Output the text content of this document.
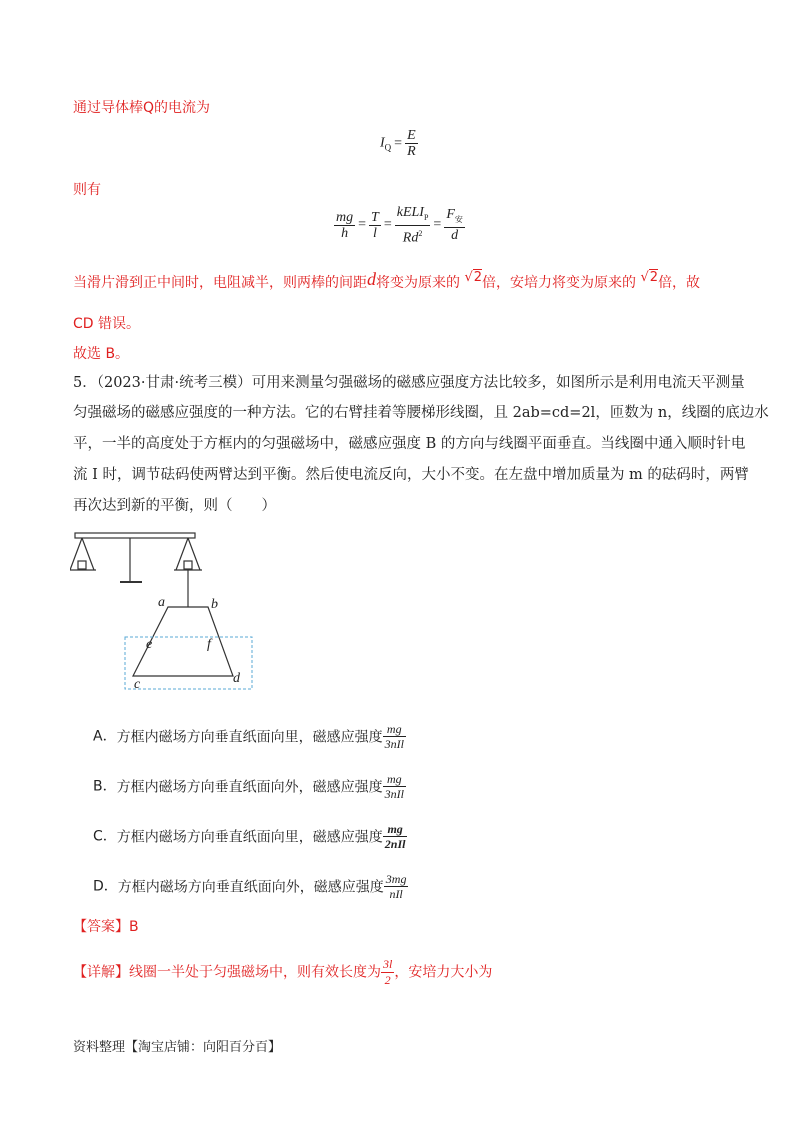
通过导体棒Q的电流为
$I_Q = \frac{E}{R}$
则有
$\frac{mg}{h} = \frac{T}{l} = \frac{kELI_P}{Rd^2} = \frac{F_安}{d}$
当滑片滑到正中间时，电阻减半，则两棒的间距d将变为原来的 √2倍，安培力将变为原来的 √2倍，故
CD 错误。
故选 B。
5．（2023·甘肃·统考三模）可用来测量匀强磁场的磁感应强度方法比较多，如图所示是利用电流天平测量
匀强磁场的磁感应强度的一种方法。它的右臂挂着等腰梯形线圈，且 2ab=cd=2l，匝数为 n，线圈的底边水
平，一半的高度处于方框内的匀强磁场中，磁感应强度 B 的方向与线圈平面垂直。当线圈中通入顺时针电
流 I 时，调节砝码使两臂达到平衡。然后使电流反向，大小不变。在左盘中增加质量为 m 的砝码时，两臂
再次达到新的平衡，则（　　）
a	b
e	f
c	d
A．方框内磁场方向垂直纸面向里，磁感应强度 $\frac{mg}{\text{3nIl}}$
B．方框内磁场方向垂直纸面向外，磁感应强度 $\frac{mg}{\text{3nIl}}$
C．方框内磁场方向垂直纸面向里，磁感应强度 $\frac{mg}{\text{2nIl}}$
D．方框内磁场方向垂直纸面向外，磁感应强度 $\frac{3mg}{\text{nIl}}$
【答案】B
【详解】线圈一半处于匀强磁场中，则有效长度为 $\frac{3l}{2}$ ，安培力大小为
资料整理【淘宝店铺：向阳百分百】
